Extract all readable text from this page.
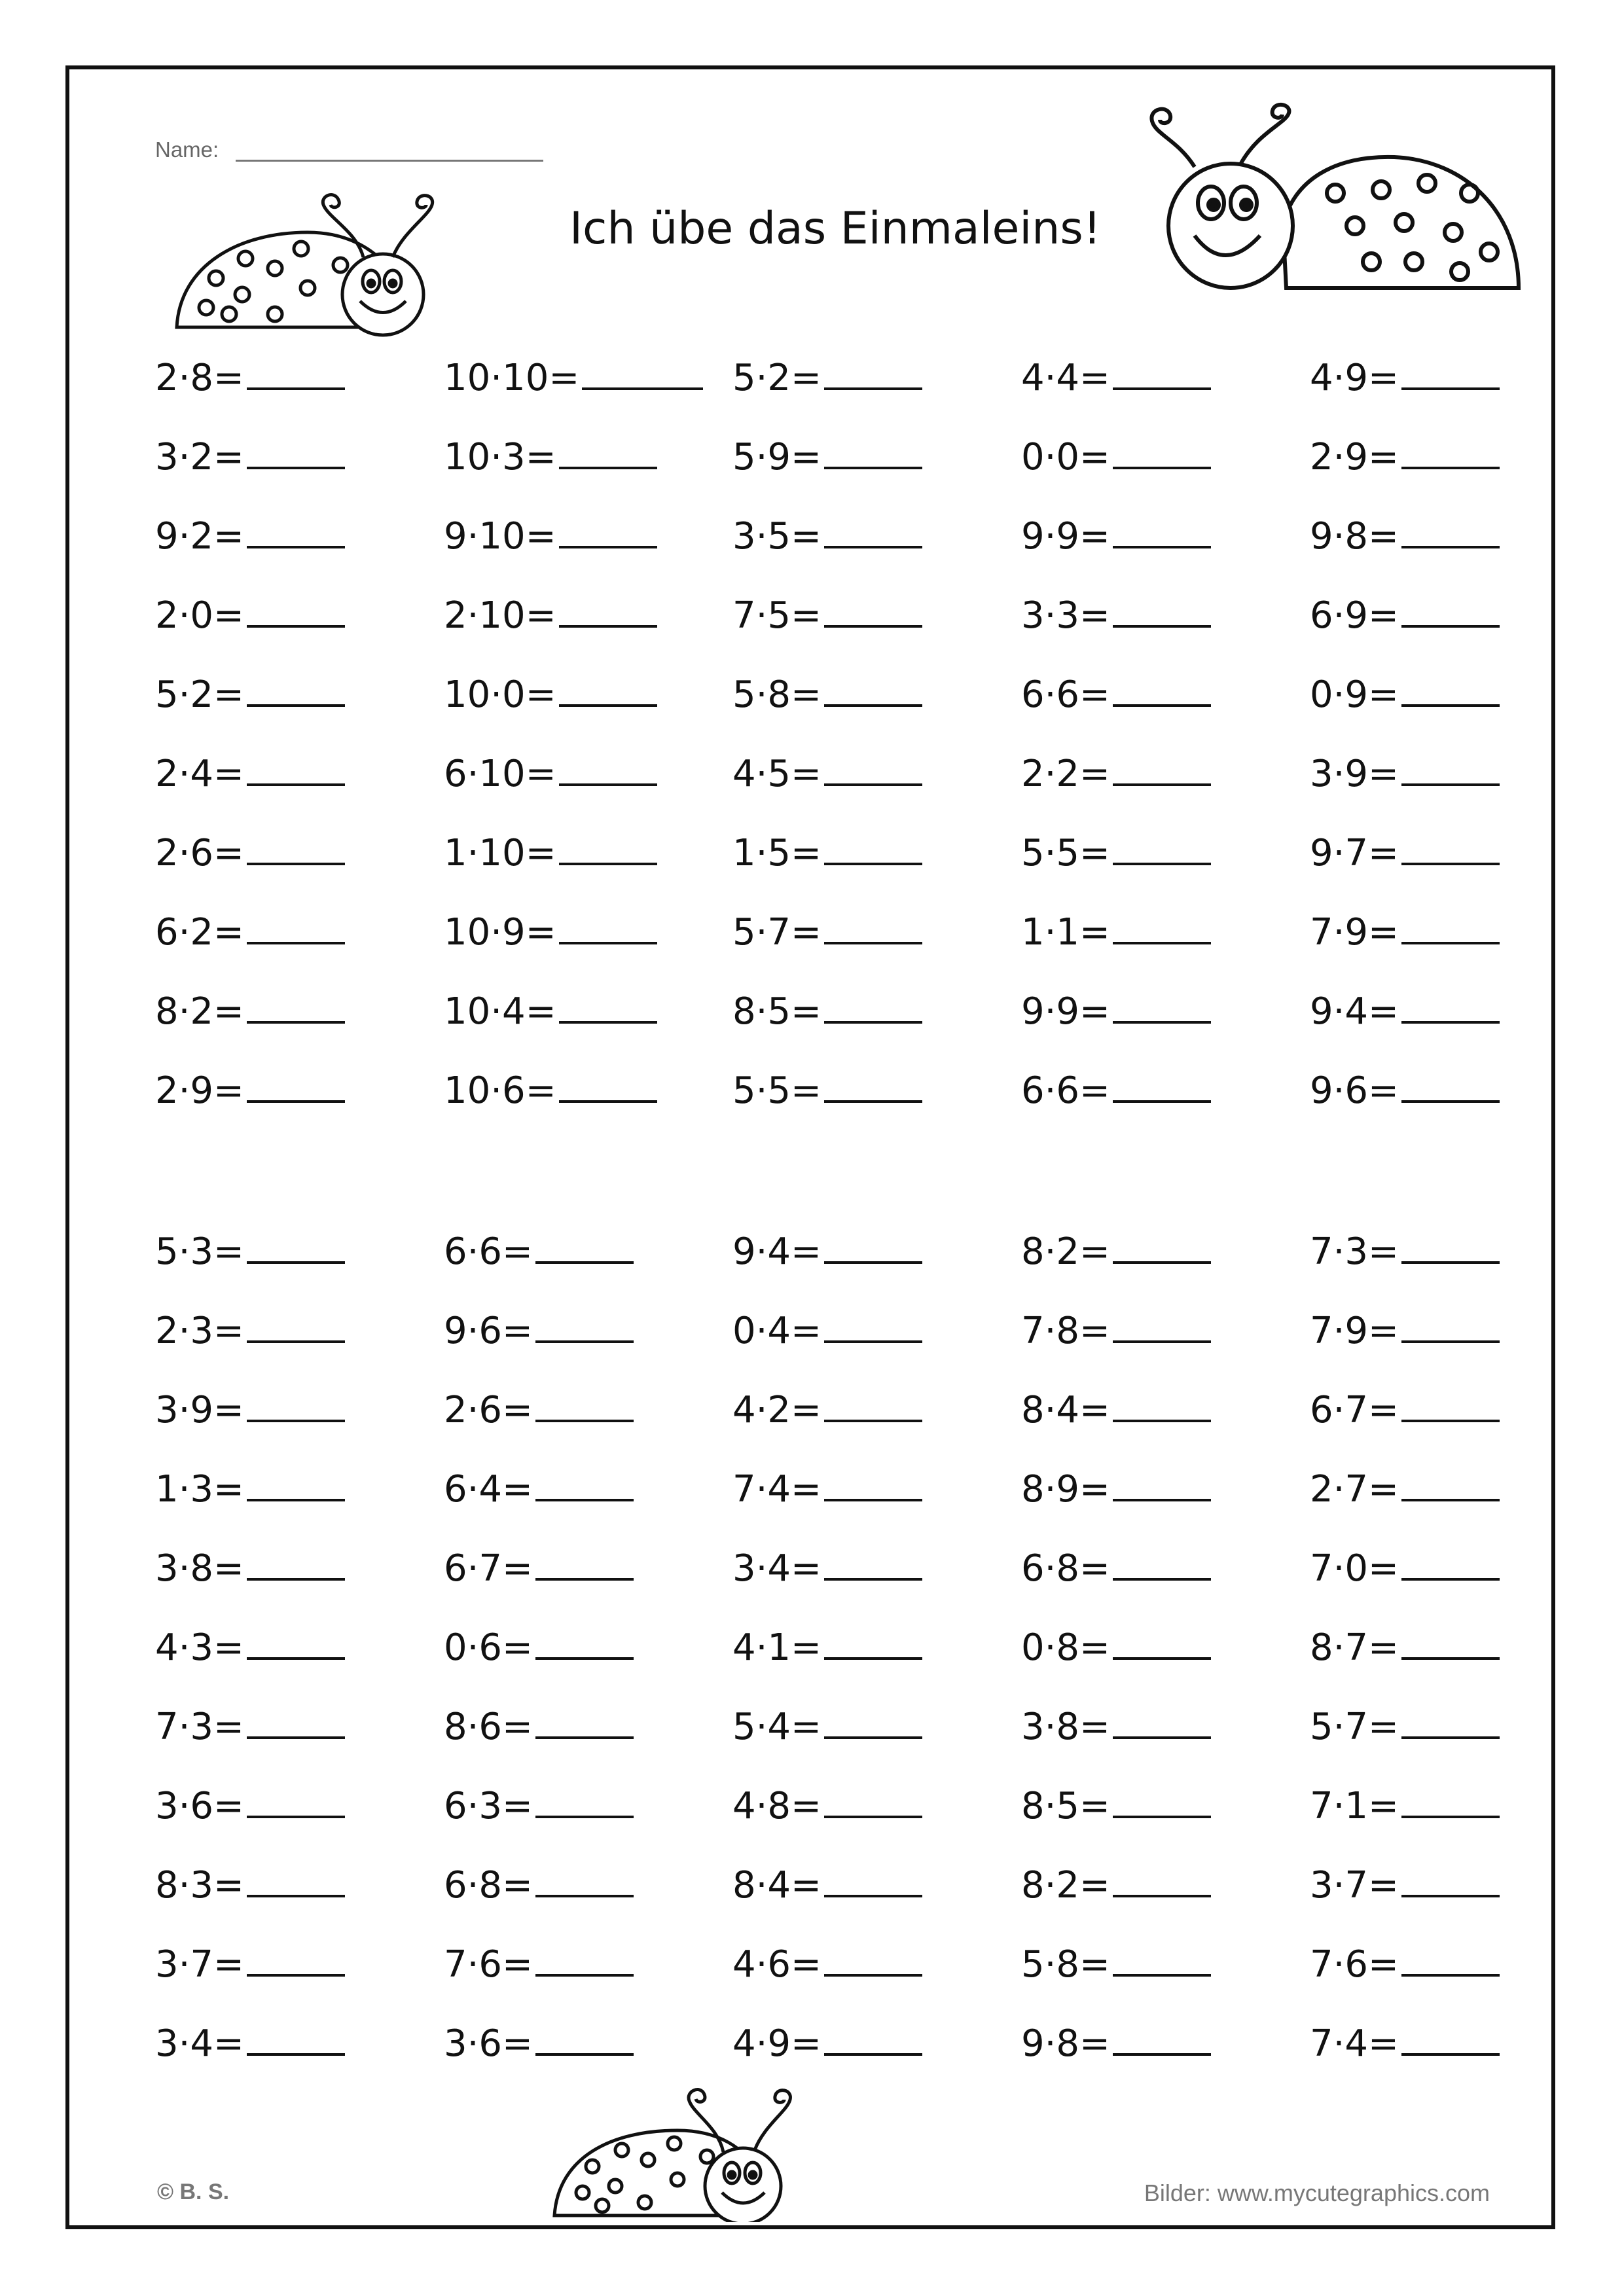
Name:
Ich übe das Einmaleins!
2·8=	10·10=	5·2=	4·4=	4·9=
3·2=	10·3=	5·9=	0·0=	2·9=
9·2=	9·10=	3·5=	9·9=	9·8=
2·0=	2·10=	7·5=	3·3=	6·9=
5·2=	10·0=	5·8=	6·6=	0·9=
2·4=	6·10=	4·5=	2·2=	3·9=
2·6=	1·10=	1·5=	5·5=	9·7=
6·2=	10·9=	5·7=	1·1=	7·9=
8·2=	10·4=	8·5=	9·9=	9·4=
2·9=	10·6=	5·5=	6·6=	9·6=
5·3=	6·6=	9·4=	8·2=	7·3=
2·3=	9·6=	0·4=	7·8=	7·9=
3·9=	2·6=	4·2=	8·4=	6·7=
1·3=	6·4=	7·4=	8·9=	2·7=
3·8=	6·7=	3·4=	6·8=	7·0=
4·3=	0·6=	4·1=	0·8=	8·7=
7·3=	8·6=	5·4=	3·8=	5·7=
3·6=	6·3=	4·8=	8·5=	7·1=
8·3=	6·8=	8·4=	8·2=	3·7=
3·7=	7·6=	4·6=	5·8=	7·6=
3·4=	3·6=	4·9=	9·8=	7·4=
© B. S.	Bilder: www.mycutegraphics.com
